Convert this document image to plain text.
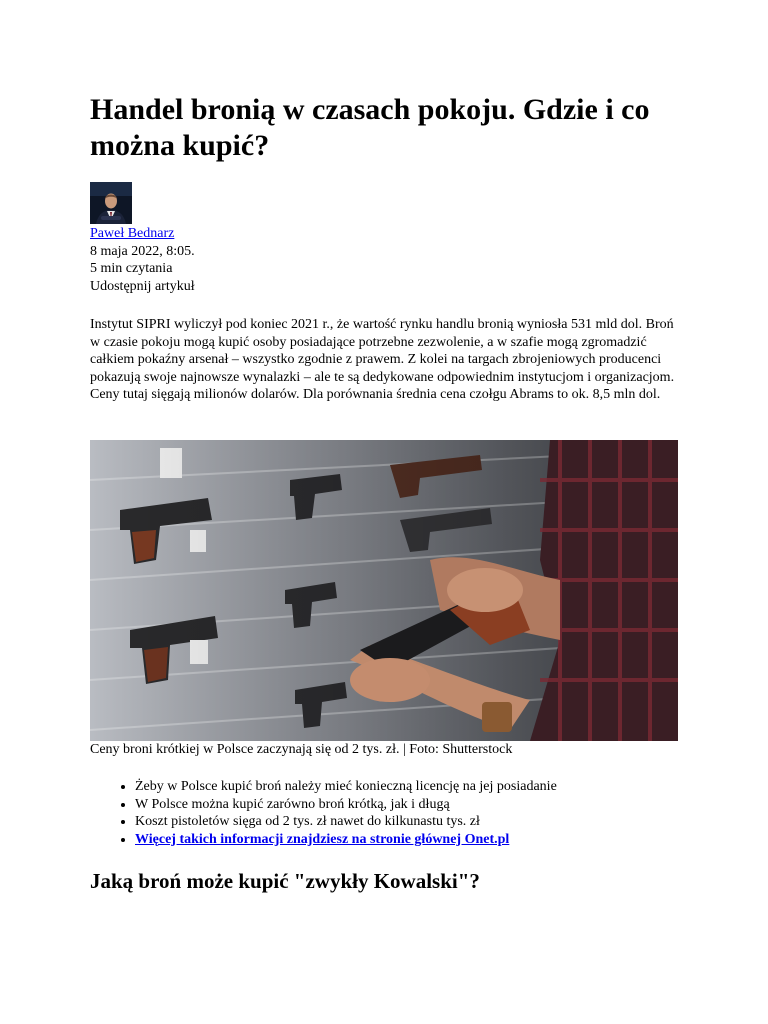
Handel bronią w czasach pokoju. Gdzie i co można kupić?
Paweł Bednarz
8 maja 2022, 8:05.
5 min czytania
Udostępnij artykuł

Instytut SIPRI wyliczył pod koniec 2021 r., że wartość rynku handlu bronią wyniosła 531 mld dol. Broń w czasie pokoju mogą kupić osoby posiadające potrzebne zezwolenie, a w szafie mogą zgromadzić całkiem pokaźny arsenał – wszystko zgodnie z prawem. Z kolei na targach zbrojeniowych producenci pokazują swoje najnowsze wynalazki – ale te są dedykowane odpowiednim instytucjom i organizacjom. Ceny tutaj sięgają milionów dolarów. Dla porównania średnia cena czołgu Abrams to ok. 8,5 mln dol.

Ceny broni krótkiej w Polsce zaczynają się od 2 tys. zł. | Foto: Shutterstock
• Żeby w Polsce kupić broń należy mieć konieczną licencję na jej posiadanie
• W Polsce można kupić zarówno broń krótką, jak i długą
• Koszt pistoletów sięga od 2 tys. zł nawet do kilkunastu tys. zł
• Więcej takich informacji znajdziesz na stronie głównej Onet.pl
Jaką broń może kupić "zwykły Kowalski"?
